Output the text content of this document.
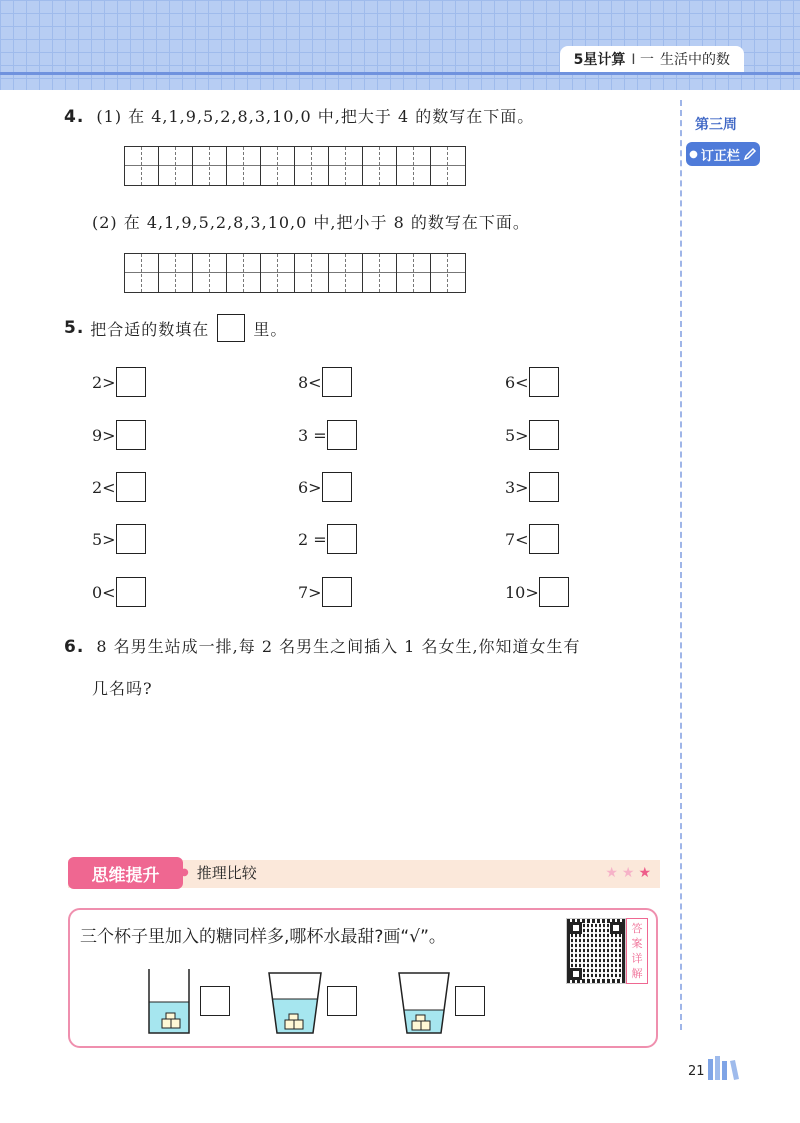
5星计算 I 一 生活中的数
第三周
● 订正栏
4. (1) 在 4,1,9,5,2,8,3,10,0 中,把大于 4 的数写在下面。
(2) 在 4,1,9,5,2,8,3,10,0 中,把小于 8 的数写在下面。
5. 把合适的数填在	里。
2>	8<	6<
9>	3 =	5>
2<	6>	3>
5>	2 =	7<
0<	7>	10>
6. 8 名男生站成一排,每 2 名男生之间插入 1 名女生,你知道女生有
几名吗?
思维提升	● 推理比较	★★★
三个杯子里加入的糖同样多,哪杯水最甜?画“√”。	答
案
详
解
21
